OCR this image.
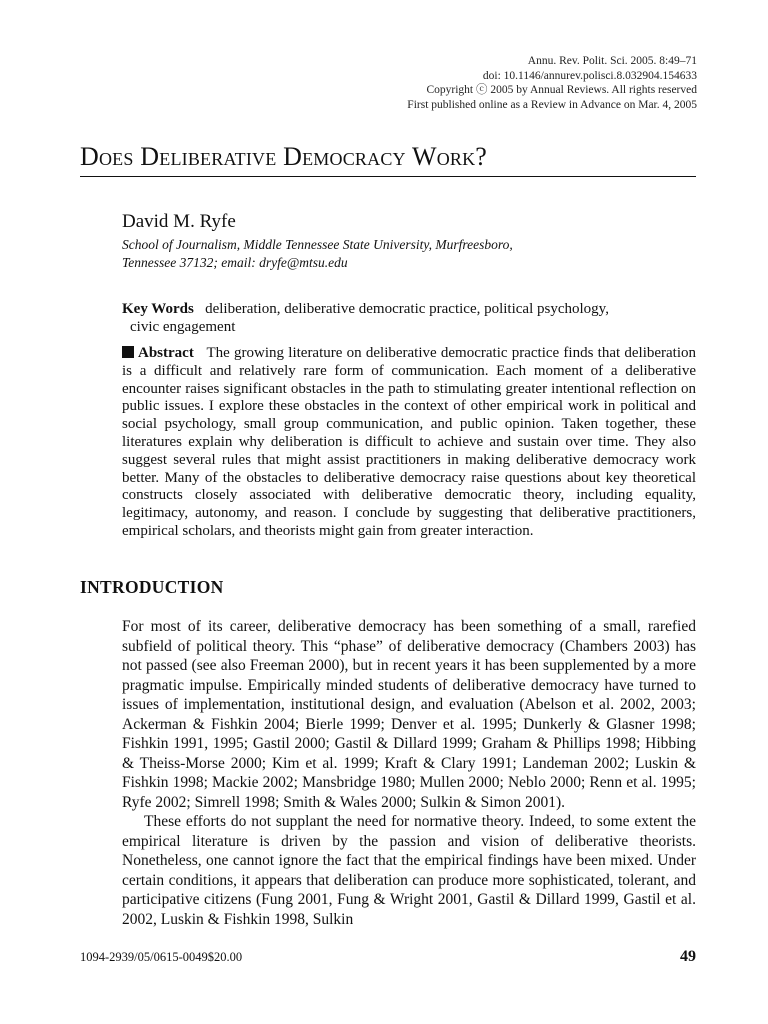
Annu. Rev. Polit. Sci. 2005. 8:49–71
doi: 10.1146/annurev.polisci.8.032904.154633
Copyright ⓒ 2005 by Annual Reviews. All rights reserved
First published online as a Review in Advance on Mar. 4, 2005
Does Deliberative Democracy Work?
David M. Ryfe
School of Journalism, Middle Tennessee State University, Murfreesboro,
Tennessee 37132; email: dryfe@mtsu.edu
Key Words deliberation, deliberative democratic practice, political psychology,
civic engagement
Abstract The growing literature on deliberative democratic practice finds that deliberation is a difficult and relatively rare form of communication. Each moment of a deliberative encounter raises significant obstacles in the path to stimulating greater intentional reflection on public issues. I explore these obstacles in the context of other empirical work in political and social psychology, small group communication, and public opinion. Taken together, these literatures explain why deliberation is difficult to achieve and sustain over time. They also suggest several rules that might assist practitioners in making deliberative democracy work better. Many of the obstacles to deliberative democracy raise questions about key theoretical constructs closely associated with deliberative democratic theory, including equality, legitimacy, autonomy, and reason. I conclude by suggesting that deliberative practitioners, empirical scholars, and theorists might gain from greater interaction.
INTRODUCTION

For most of its career, deliberative democracy has been something of a small, rarefied subfield of political theory. This “phase” of deliberative democracy (Chambers 2003) has not passed (see also Freeman 2000), but in recent years it has been supplemented by a more pragmatic impulse. Empirically minded students of deliberative democracy have turned to issues of implementation, institutional design, and evaluation (Abelson et al. 2002, 2003; Ackerman & Fishkin 2004; Bierle 1999; Denver et al. 1995; Dunkerly & Glasner 1998; Fishkin 1991, 1995; Gastil 2000; Gastil & Dillard 1999; Graham & Phillips 1998; Hibbing & Theiss-Morse 2000; Kim et al. 1999; Kraft & Clary 1991; Landeman 2002; Luskin & Fishkin 1998; Mackie 2002; Mansbridge 1980; Mullen 2000; Neblo 2000; Renn et al. 1995; Ryfe 2002; Simrell 1998; Smith & Wales 2000; Sulkin & Simon 2001).

These efforts do not supplant the need for normative theory. Indeed, to some extent the empirical literature is driven by the passion and vision of deliberative theorists. Nonetheless, one cannot ignore the fact that the empirical findings have been mixed. Under certain conditions, it appears that deliberation can produce more sophisticated, tolerant, and participative citizens (Fung 2001, Fung & Wright 2001, Gastil & Dillard 1999, Gastil et al. 2002, Luskin & Fishkin 1998, Sulkin

1094-2939/05/0615-0049$20.00	49
